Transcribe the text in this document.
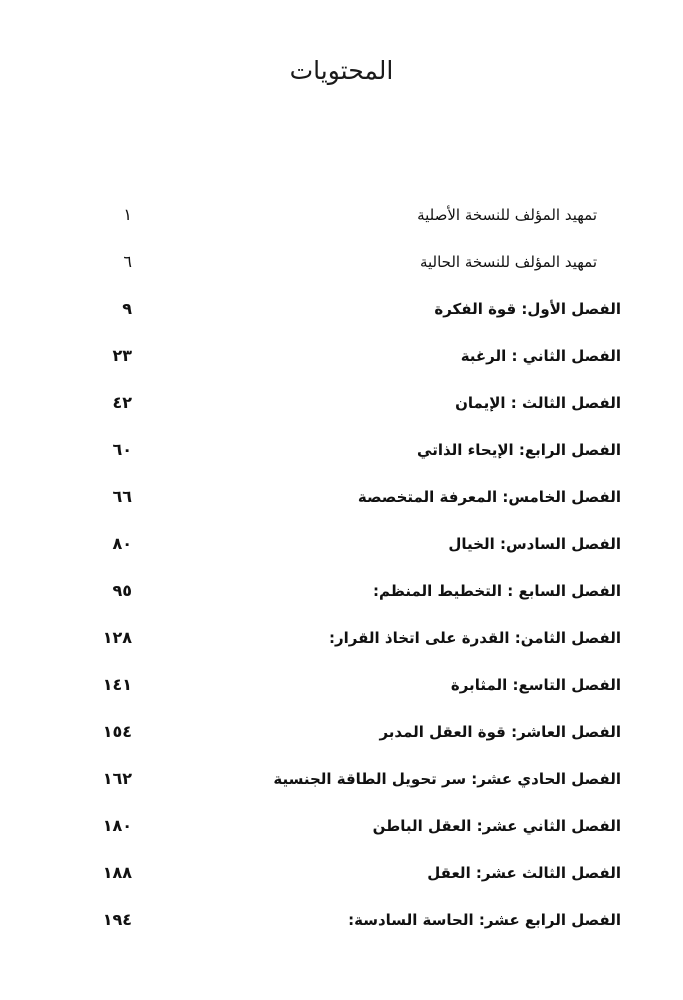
المحتويات
تمهيد المؤلف للنسخة الأصلية
١
تمهيد المؤلف للنسخة الحالية
٦
الفصل الأول: قوة الفكرة
٩
الفصل الثاني : الرغبة
٢٣
الفصل الثالث : الإيمان
٤٢
الفصل الرابع: الإيحاء الذاتي
٦٠
الفصل الخامس: المعرفة المتخصصة
٦٦
الفصل السادس: الخيال
٨٠
الفصل السابع : التخطيط المنظم:
٩٥
الفصل الثامن: القدرة على اتخاذ القرار:
١٢٨
الفصل التاسع: المثابرة
١٤١
الفصل العاشر: قوة العقل المدبر
١٥٤
الفصل الحادي عشر: سر تحويل الطاقة الجنسية
١٦٢
الفصل الثاني عشر: العقل الباطن
١٨٠
الفصل الثالث عشر: العقل
١٨٨
الفصل الرابع عشر: الحاسة السادسة:
١٩٤
